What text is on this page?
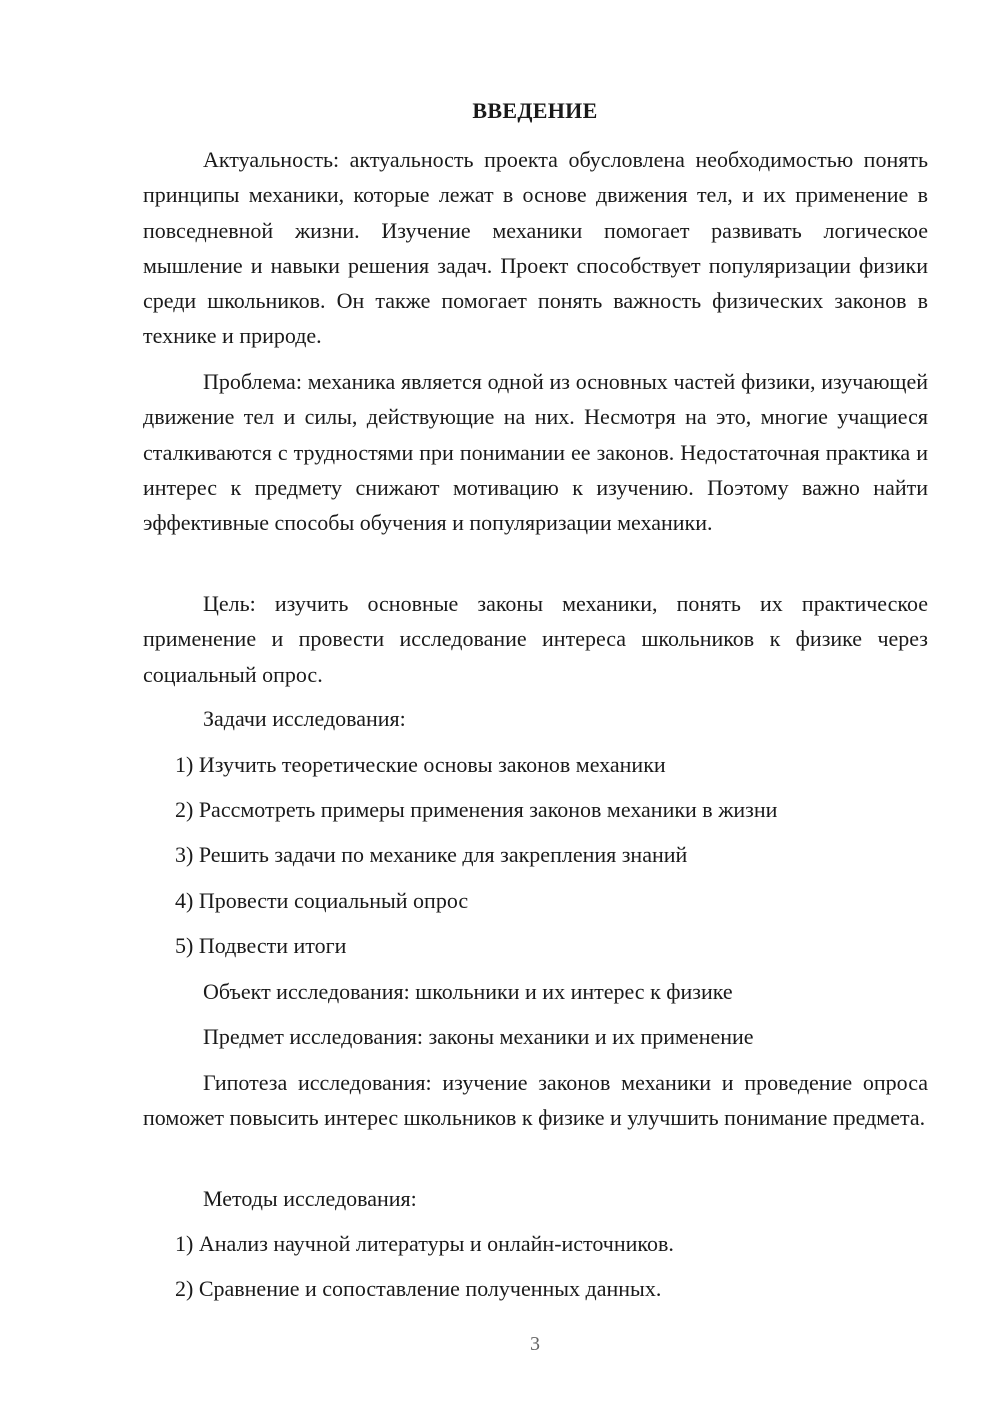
ВВЕДЕНИЕ

Актуальность: актуальность проекта обусловлена необходимостью понять принципы механики, которые лежат в основе движения тел, и их применение в повседневной жизни. Изучение механики помогает развивать логическое мышление и навыки решения задач. Проект способствует популяризации физики среди школьников. Он также помогает понять важность физических законов в технике и природе.

Проблема: механика является одной из основных частей физики, изучающей движение тел и силы, действующие на них. Несмотря на это, многие учащиеся сталкиваются с трудностями при понимании ее законов. Недостаточная практика и интерес к предмету снижают мотивацию к изучению. Поэтому важно найти эффективные способы обучения и популяризации механики.

Цель: изучить основные законы механики, понять их практическое применение и провести исследование интереса школьников к физике через социальный опрос.

Задачи исследования:
1) Изучить теоретические основы законов механики
2) Рассмотреть примеры применения законов механики в жизни
3) Решить задачи по механике для закрепления знаний
4) Провести социальный опрос
5) Подвести итоги
Объект исследования: школьники и их интерес к физике
Предмет исследования: законы механики и их применение

Гипотеза исследования: изучение законов механики и проведение опроса поможет повысить интерес школьников к физике и улучшить понимание предмета.

Методы исследования:
1) Анализ научной литературы и онлайн-источников.
2) Сравнение и сопоставление полученных данных.
3
